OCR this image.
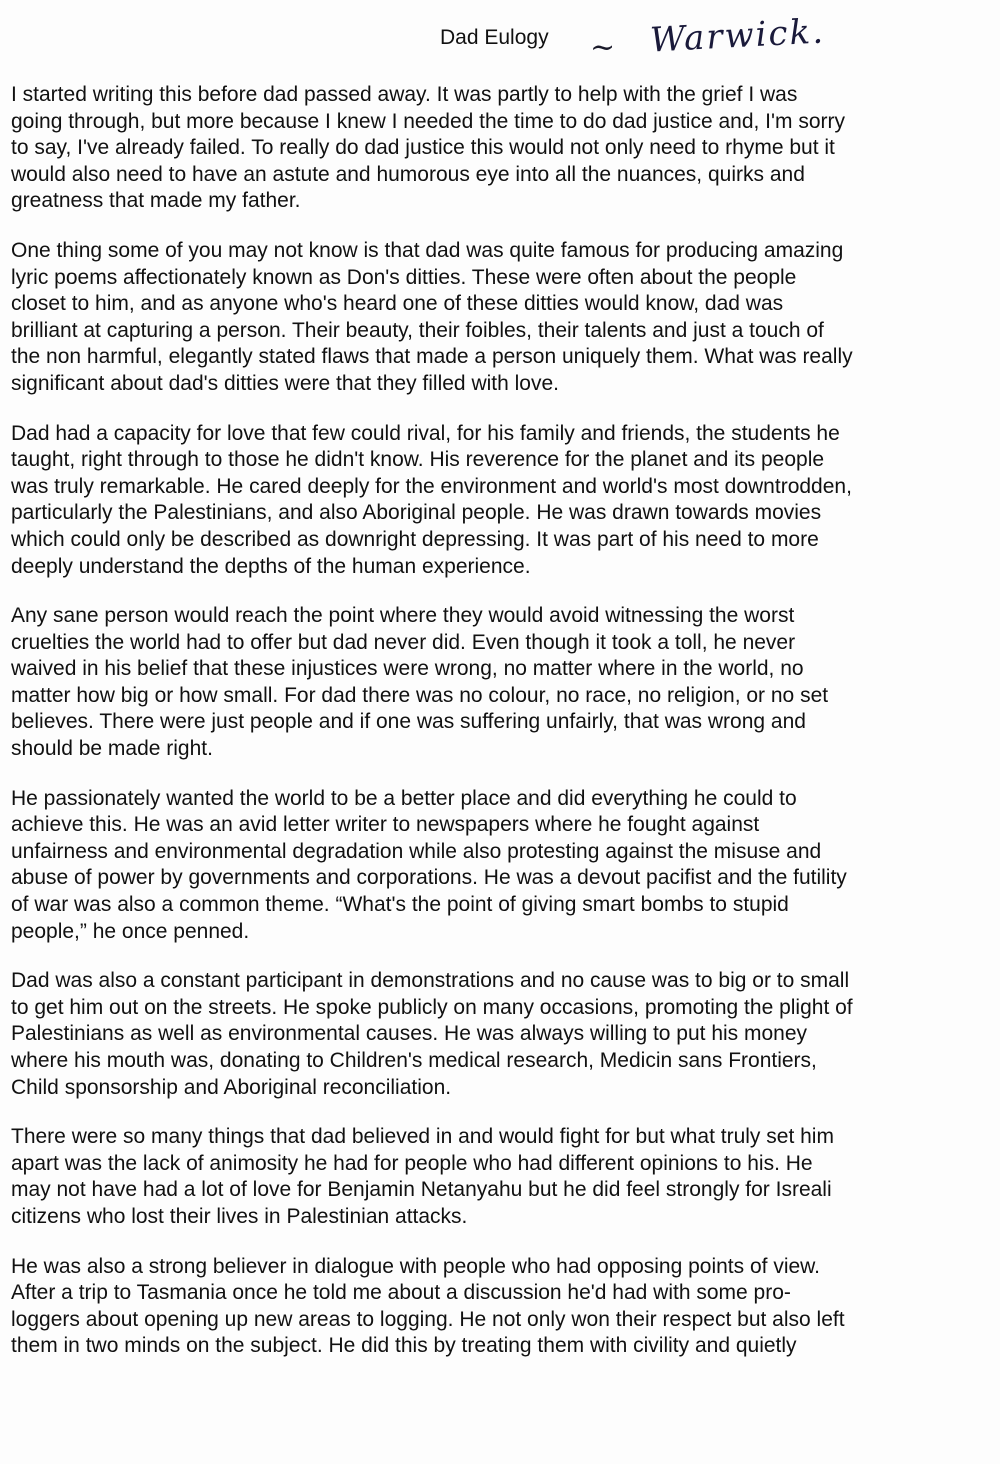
Dad Eulogy ~ Warwick.

I started writing this before dad passed away. It was partly to help with the grief I was
going through, but more because I knew I needed the time to do dad justice and, I'm sorry
to say, I've already failed. To really do dad justice this would not only need to rhyme but it
would also need to have an astute and humorous eye into all the nuances, quirks and
greatness that made my father.

One thing some of you may not know is that dad was quite famous for producing amazing
lyric poems affectionately known as Don's ditties. These were often about the people
closet to him, and as anyone who's heard one of these ditties would know, dad was
brilliant at capturing a person. Their beauty, their foibles, their talents and just a touch of
the non harmful, elegantly stated flaws that made a person uniquely them. What was really
significant about dad's ditties were that they filled with love.

Dad had a capacity for love that few could rival, for his family and friends, the students he
taught, right through to those he didn't know. His reverence for the planet and its people
was truly remarkable. He cared deeply for the environment and world's most downtrodden,
particularly the Palestinians, and also Aboriginal people. He was drawn towards movies
which could only be described as downright depressing. It was part of his need to more
deeply understand the depths of the human experience.

Any sane person would reach the point where they would avoid witnessing the worst
cruelties the world had to offer but dad never did. Even though it took a toll, he never
waived in his belief that these injustices were wrong, no matter where in the world, no
matter how big or how small. For dad there was no colour, no race, no religion, or no set
believes. There were just people and if one was suffering unfairly, that was wrong and
should be made right.

He passionately wanted the world to be a better place and did everything he could to
achieve this. He was an avid letter writer to newspapers where he fought against
unfairness and environmental degradation while also protesting against the misuse and
abuse of power by governments and corporations. He was a devout pacifist and the futility
of war was also a common theme. “What's the point of giving smart bombs to stupid
people,” he once penned.

Dad was also a constant participant in demonstrations and no cause was to big or to small
to get him out on the streets. He spoke publicly on many occasions, promoting the plight of
Palestinians as well as environmental causes. He was always willing to put his money
where his mouth was, donating to Children's medical research, Medicin sans Frontiers,
Child sponsorship and Aboriginal reconciliation.

There were so many things that dad believed in and would fight for but what truly set him
apart was the lack of animosity he had for people who had different opinions to his. He
may not have had a lot of love for Benjamin Netanyahu but he did feel strongly for Isreali
citizens who lost their lives in Palestinian attacks.

He was also a strong believer in dialogue with people who had opposing points of view.
After a trip to Tasmania once he told me about a discussion he'd had with some pro-
loggers about opening up new areas to logging. He not only won their respect but also left
them in two minds on the subject. He did this by treating them with civility and quietly
